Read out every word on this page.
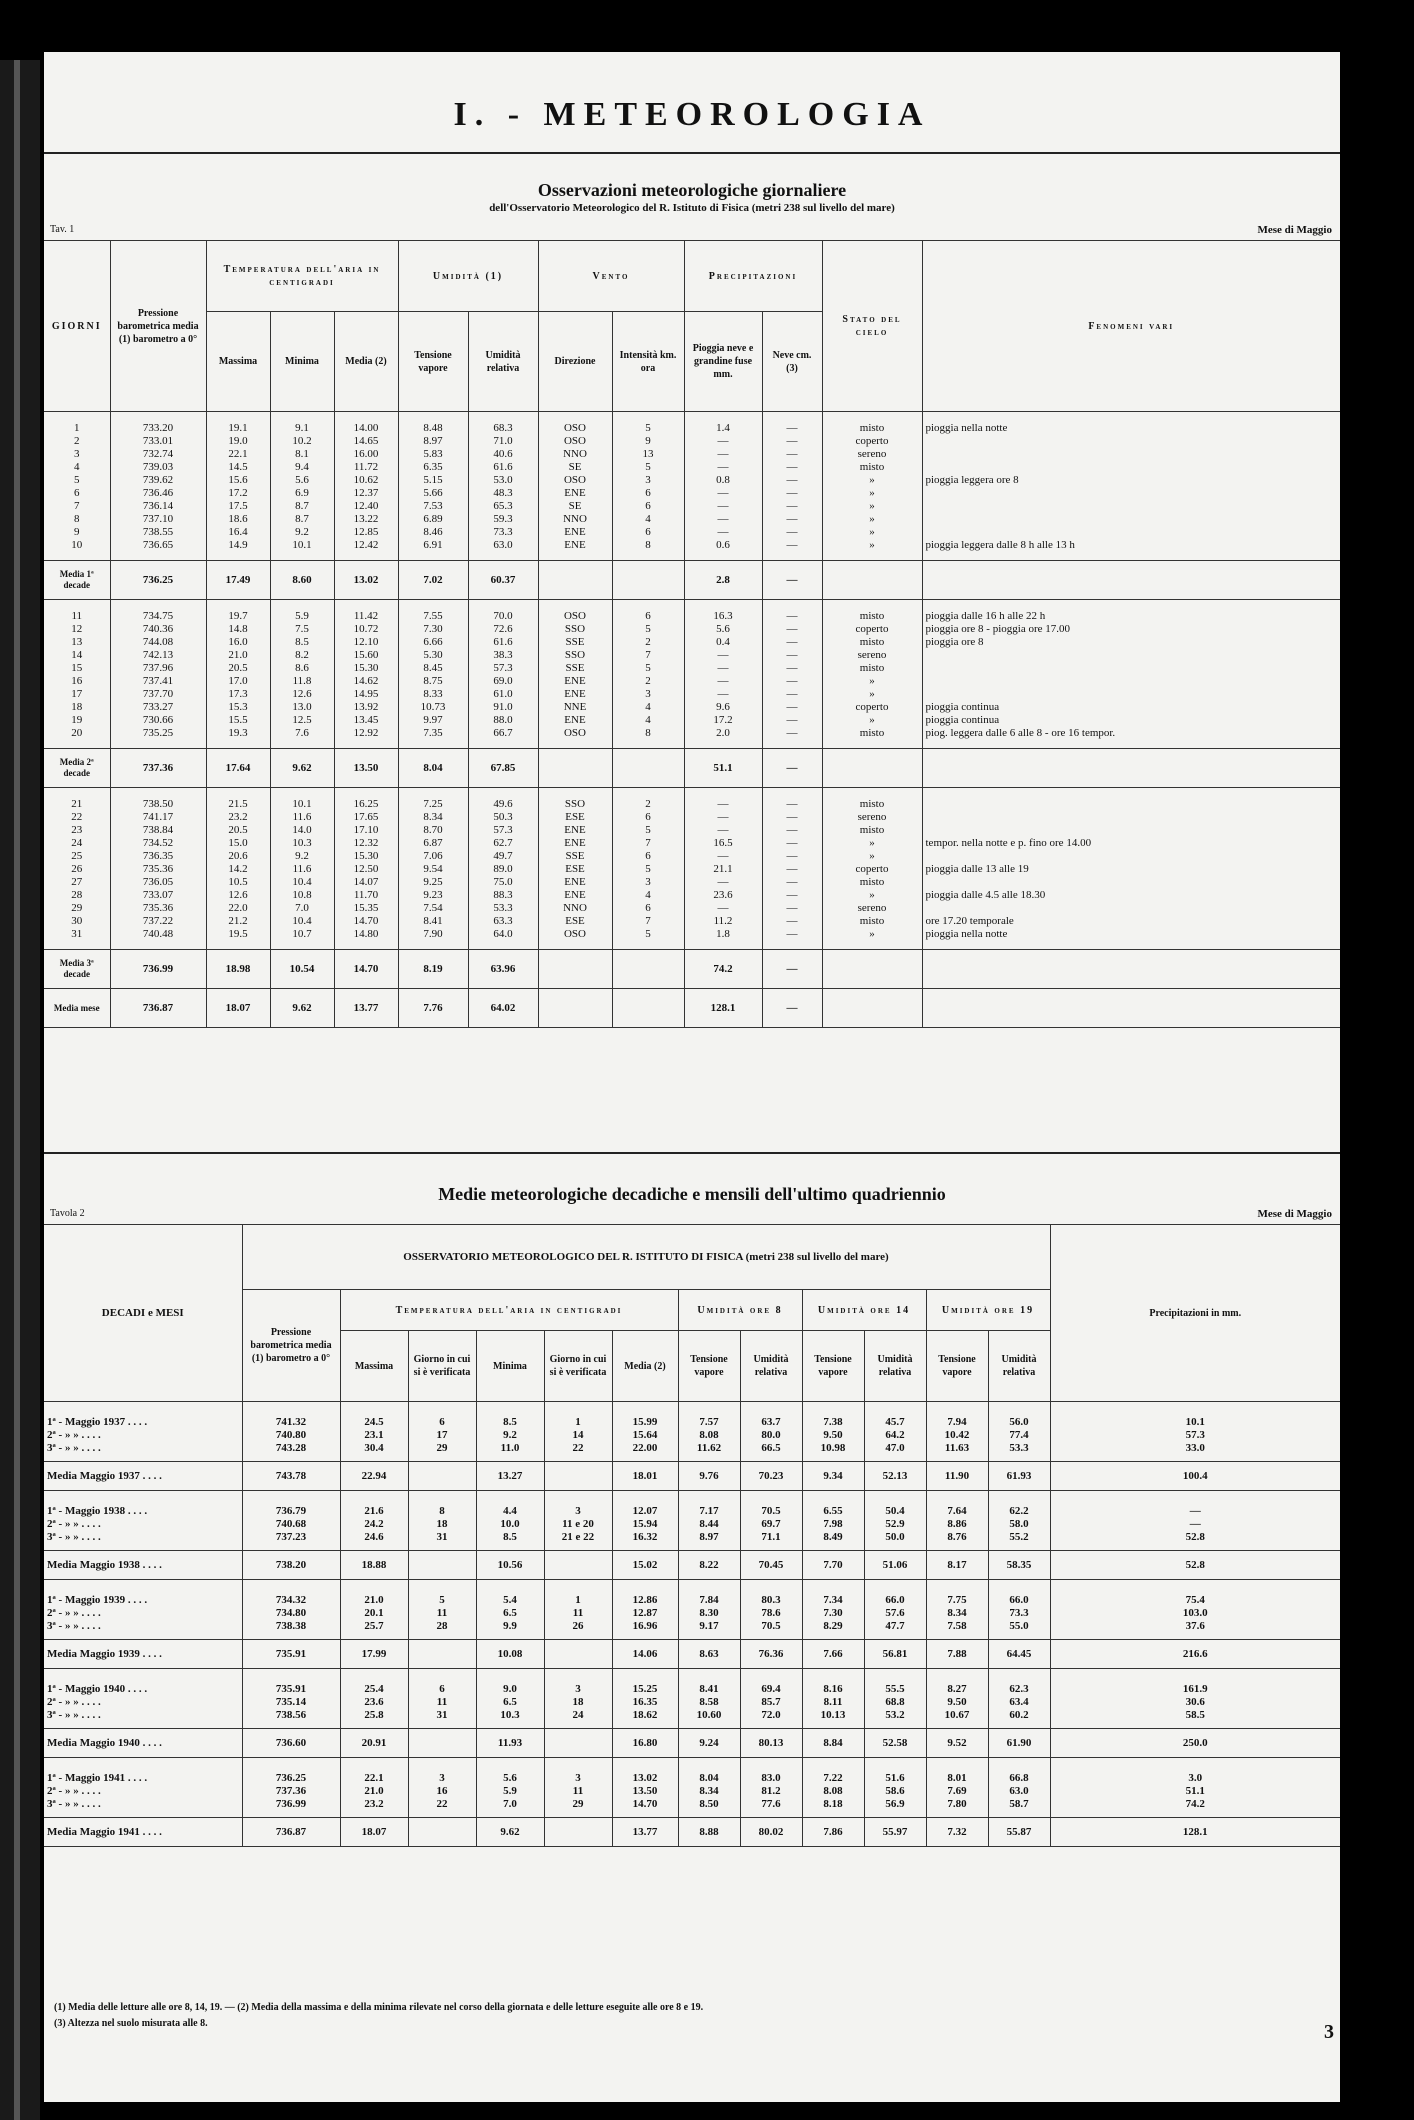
I. - METEOROLOGIA
Osservazioni meteorologiche giornaliere
dell'Osservatorio Meteorologico del R. Istituto di Fisica (metri 238 sul livello del mare)
Tav. 1	Mese di Maggio
GIORNI	Pressione barometrica media (1) barometro a 0°	Temperatura dell'aria in centigradi			Umidità (1)		Vento		Precipitazioni		Stato del cielo	Fenomeni vari
		Massima	Minima	Media (2)	Tensione vapore	Umidità relativa	Direzione	Intensità km. ora	Pioggia neve e grandine fuse mm.	Neve cm. (3)		
1	733.20	19.1	9.1	14.00	8.48	68.3	OSO	5	1.4	—	misto	pioggia nella notte
2	733.01	19.0	10.2	14.65	8.97	71.0	OSO	9	—	—	coperto	
3	732.74	22.1	8.1	16.00	5.83	40.6	NNO	13	—	—	sereno	
4	739.03	14.5	9.4	11.72	6.35	61.6	SE	5	—	—	misto	
5	739.62	15.6	5.6	10.62	5.15	53.0	OSO	3	0.8	—	»	pioggia leggera ore 8
6	736.46	17.2	6.9	12.37	5.66	48.3	ENE	6	—	—	»	
7	736.14	17.5	8.7	12.40	7.53	65.3	SE	6	—	—	»	
8	737.10	18.6	8.7	13.22	6.89	59.3	NNO	4	—	—	»	
9	738.55	16.4	9.2	12.85	8.46	73.3	ENE	6	—	—	»	
10	736.65	14.9	10.1	12.42	6.91	63.0	ENE	8	0.6	—	»	pioggia leggera dalle 8 h alle 13 h
Media 1ª decade	736.25	17.49	8.60	13.02	7.02	60.37			2.8	—		
11	734.75	19.7	5.9	11.42	7.55	70.0	OSO	6	16.3	—	misto	pioggia dalle 16 h alle 22 h
12	740.36	14.8	7.5	10.72	7.30	72.6	SSO	5	5.6	—	coperto	pioggia ore 8 - pioggia ore 17.00
13	744.08	16.0	8.5	12.10	6.66	61.6	SSE	2	0.4	—	misto	pioggia ore 8
14	742.13	21.0	8.2	15.60	5.30	38.3	SSO	7	—	—	sereno	
15	737.96	20.5	8.6	15.30	8.45	57.3	SSE	5	—	—	misto	
16	737.41	17.0	11.8	14.62	8.75	69.0	ENE	2	—	—	»	
17	737.70	17.3	12.6	14.95	8.33	61.0	ENE	3	—	—	»	
18	733.27	15.3	13.0	13.92	10.73	91.0	NNE	4	9.6	—	coperto	pioggia continua
19	730.66	15.5	12.5	13.45	9.97	88.0	ENE	4	17.2	—	»	pioggia continua
20	735.25	19.3	7.6	12.92	7.35	66.7	OSO	8	2.0	—	misto	piog. leggera dalle 6 alle 8 - ore 16 tempor.
Media 2ª decade	737.36	17.64	9.62	13.50	8.04	67.85			51.1	—		
21	738.50	21.5	10.1	16.25	7.25	49.6	SSO	2	—	—	misto	
22	741.17	23.2	11.6	17.65	8.34	50.3	ESE	6	—	—	sereno	
23	738.84	20.5	14.0	17.10	8.70	57.3	ENE	5	—	—	misto	
24	734.52	15.0	10.3	12.32	6.87	62.7	ENE	7	16.5	—	»	tempor. nella notte e p. fino ore 14.00
25	736.35	20.6	9.2	15.30	7.06	49.7	SSE	6	—	—	»	
26	735.36	14.2	11.6	12.50	9.54	89.0	ESE	5	21.1	—	coperto	pioggia dalle 13 alle 19
27	736.05	10.5	10.4	14.07	9.25	75.0	ENE	3	—	—	misto	
28	733.07	12.6	10.8	11.70	9.23	88.3	ENE	4	23.6	—	»	pioggia dalle 4.5 alle 18.30
29	735.36	22.0	7.0	15.35	7.54	53.3	NNO	6	—	—	sereno	
30	737.22	21.2	10.4	14.70	8.41	63.3	ESE	7	11.2	—	misto	ore 17.20 temporale
31	740.48	19.5	10.7	14.80	7.90	64.0	OSO	5	1.8	—	»	pioggia nella notte
Media 3ª decade	736.99	18.98	10.54	14.70	8.19	63.96			74.2	—		
Media mese	736.87	18.07	9.62	13.77	7.76	64.02			128.1	—		
Medie meteorologiche decadiche e mensili dell'ultimo quadriennio
Tavola 2	Mese di Maggio
DECADI e MESI	OSSERVATORIO METEOROLOGICO DEL R. ISTITUTO DI FISICA (metri 238 sul livello del mare)												Precipitazioni in mm.
	Pressione barometrica media (1) barometro a 0°	Temperatura dell'aria in centigradi					Umidità ore 8		Umidità ore 14		Umidità ore 19		
		Massima	Giorno in cui si è verificata	Minima	Giorno in cui si è verificata	Media (2)	Tensione vapore	Umidità relativa	Tensione vapore	Umidità relativa	Tensione vapore	Umidità relativa	
1ª - Maggio 1937 . . . .	741.32	24.5	6	8.5	1	15.99	7.57	63.7	7.38	45.7	7.94	56.0	10.1
2ª - » » . . . .	740.80	23.1	17	9.2	14	15.64	8.08	80.0	9.50	64.2	10.42	77.4	57.3
3ª - » » . . . .	743.28	30.4	29	11.0	22	22.00	11.62	66.5	10.98	47.0	11.63	53.3	33.0
Media Maggio 1937 . . . .	743.78	22.94		13.27		18.01	9.76	70.23	9.34	52.13	11.90	61.93	100.4
1ª - Maggio 1938 . . . .	736.79	21.6	8	4.4	3	12.07	7.17	70.5	6.55	50.4	7.64	62.2	—
2ª - » » . . . .	740.68	24.2	18	10.0	11 e 20	15.94	8.44	69.7	7.98	52.9	8.86	58.0	—
3ª - » » . . . .	737.23	24.6	31	8.5	21 e 22	16.32	8.97	71.1	8.49	50.0	8.76	55.2	52.8
Media Maggio 1938 . . . .	738.20	18.88		10.56		15.02	8.22	70.45	7.70	51.06	8.17	58.35	52.8
1ª - Maggio 1939 . . . .	734.32	21.0	5	5.4	1	12.86	7.84	80.3	7.34	66.0	7.75	66.0	75.4
2ª - » » . . . .	734.80	20.1	11	6.5	11	12.87	8.30	78.6	7.30	57.6	8.34	73.3	103.0
3ª - » » . . . .	738.38	25.7	28	9.9	26	16.96	9.17	70.5	8.29	47.7	7.58	55.0	37.6
Media Maggio 1939 . . . .	735.91	17.99		10.08		14.06	8.63	76.36	7.66	56.81	7.88	64.45	216.6
1ª - Maggio 1940 . . . .	735.91	25.4	6	9.0	3	15.25	8.41	69.4	8.16	55.5	8.27	62.3	161.9
2ª - » » . . . .	735.14	23.6	11	6.5	18	16.35	8.58	85.7	8.11	68.8	9.50	63.4	30.6
3ª - » » . . . .	738.56	25.8	31	10.3	24	18.62	10.60	72.0	10.13	53.2	10.67	60.2	58.5
Media Maggio 1940 . . . .	736.60	20.91		11.93		16.80	9.24	80.13	8.84	52.58	9.52	61.90	250.0
1ª - Maggio 1941 . . . .	736.25	22.1	3	5.6	3	13.02	8.04	83.0	7.22	51.6	8.01	66.8	3.0
2ª - » » . . . .	737.36	21.0	16	5.9	11	13.50	8.34	81.2	8.08	58.6	7.69	63.0	51.1
3ª - » » . . . .	736.99	23.2	22	7.0	29	14.70	8.50	77.6	8.18	56.9	7.80	58.7	74.2
Media Maggio 1941 . . . .	736.87	18.07		9.62		13.77	8.88	80.02	7.86	55.97	7.32	55.87	128.1
(1) Media delle letture alle ore 8, 14, 19. — (2) Media della massima e della minima rilevate nel corso della giornata e delle letture eseguite alle ore 8 e 19.
(3) Altezza nel suolo misurata alle 8.	3
